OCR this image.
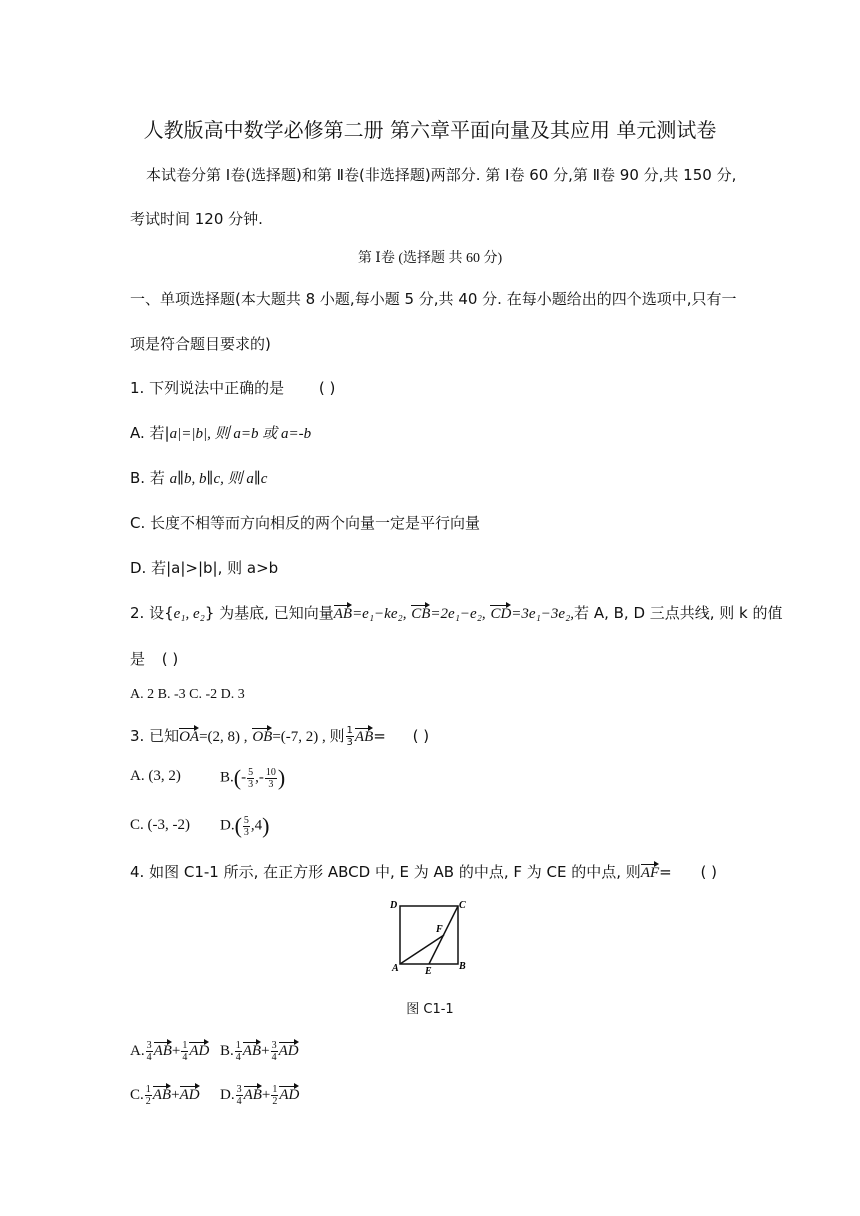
人教版高中数学必修第二册 第六章平面向量及其应用 单元测试卷
本试卷分第 Ⅰ卷(选择题)和第 Ⅱ卷(非选择题)两部分. 第 Ⅰ卷 60 分,第 Ⅱ卷 90 分,共 150 分,
考试时间 120 分钟.
第 Ⅰ卷 (选择题 共 60 分)
一、单项选择题(本大题共 8 小题,每小题 5 分,共 40 分. 在每小题给出的四个选项中,只有一
项是符合题目要求的)
1. 下列说法中正确的是 ( )
A. 若|a|=|b|, 则 a=b 或 a=-b
B. 若 a∥b, b∥c, 则 a∥c
C. 长度不相等而方向相反的两个向量一定是平行向量
D. 若|a|>|b|, 则 a>b
2. 设{e₁, e₂} 为基底, 已知向量AB=e₁−ke₂, CB=2e₁−e₂, CD=3e₁−3e₂,若 A, B, D 三点共线, 则 k 的值
是 ( )
A. 2 B. -3 C. -2 D. 3
3. 已知OA=(2, 8) , OB=(-7, 2) , 则 $\frac{1}{3} AB=$ ( )
A. (3, 2)	$B.(- \frac{5}{3}$ ,- $\frac{10}{3}$ )
C. (-3, -2) $D.( \frac{5}{3} ,4)$
4. 如图 C1-1 所示, 在正方形 ABCD 中, E 为 AB 的中点, F 为 CE 的中点, 则AF= ( )
D	C
A	B
E
F
图 C1-1
A. $\frac{3}{4} AB+ \frac{1}{4}$ AD B. $\frac{1}{4} AB+ \frac{3}{4}$ AD
C. $\frac{1}{2} AB+AD$ D. $\frac{3}{4} AB+ \frac{1}{2}$ AD
